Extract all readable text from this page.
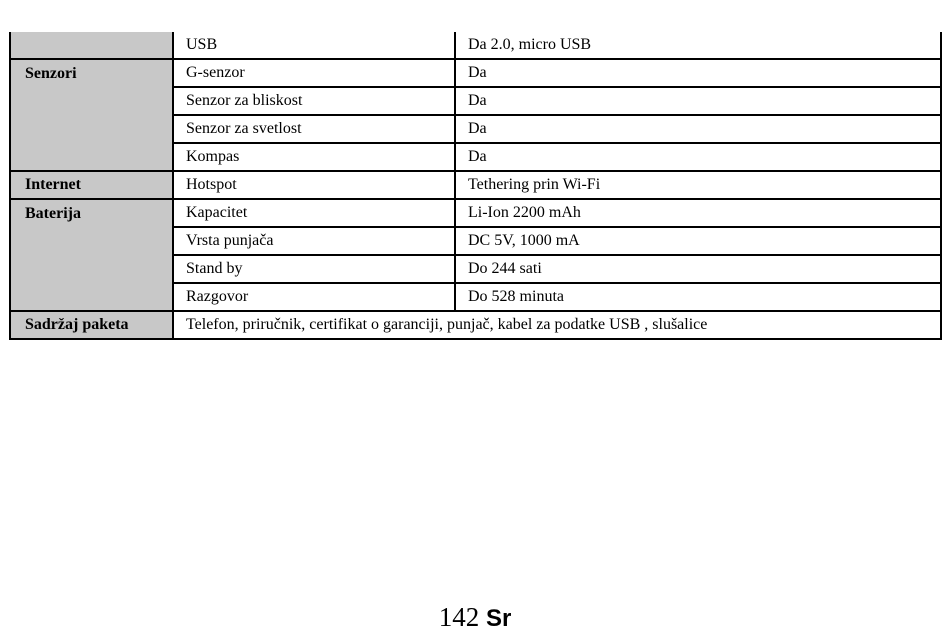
	USB	Da 2.0, micro USB
Senzori	G-senzor	Da
	Senzor za bliskost	Da
	Senzor za svetlost	Da
	Kompas	Da
Internet	Hotspot	Tethering prin Wi-Fi
Baterija	Kapacitet	Li-Ion 2200 mAh
	Vrsta punjača	DC 5V, 1000 mA
	Stand by	Do 244 sati
	Razgovor	Do 528 minuta
Sadržaj paketa	Telefon, priručnik, certifikat o garanciji, punjač, kabel za podatke USB , slušalice	
142 Sr
